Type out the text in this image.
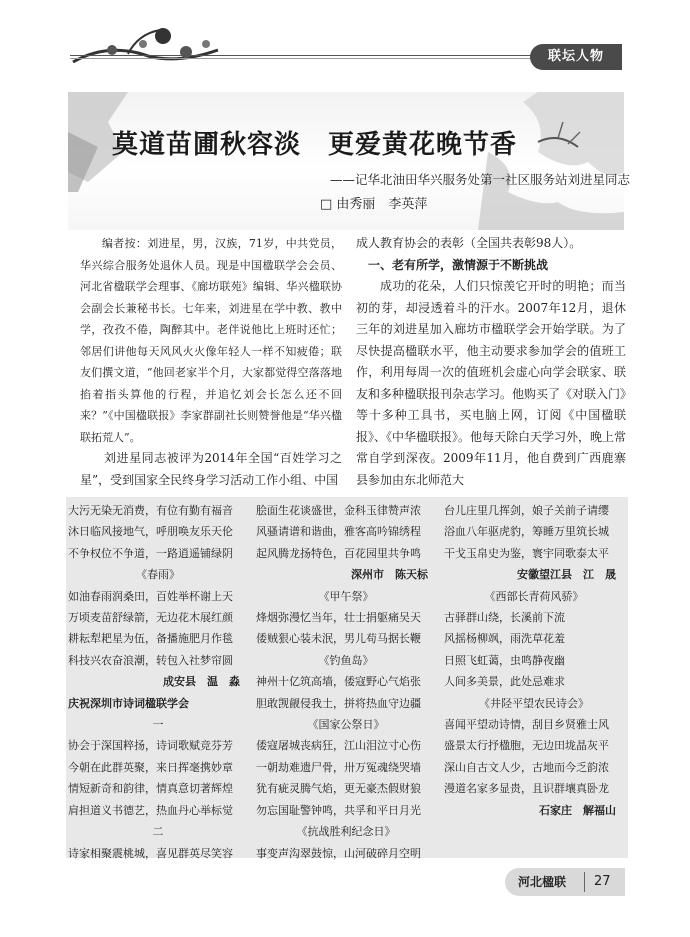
联坛人物
莫道苗圃秋容淡　更爱黄花晚节香
——记华北油田华兴服务处第一社区服务站刘进星同志
□ 由秀丽　李英萍

编者按：刘进星，男，汉族，71岁，中共党员，华兴综合服务处退休人员。现是中国楹联学会会员、河北省楹联学会理事、《廊坊联苑》编辑、华兴楹联协会副会长兼秘书长。七年来，刘进星在学中教、教中学，孜孜不倦，陶醉其中。老伴说他比上班时还忙；邻居们讲他每天风风火火像年轻人一样不知疲倦；联友们撰文道，“他回老家半个月，大家都觉得空落落地掐着指头算他的行程，并追忆刘会长怎么还不回来？”《中国楹联报》李家群副社长则赞誉他是“华兴楹联拓荒人”。

刘进星同志被评为2014年全国“百姓学习之星”，受到国家全民终身学习活动工作小组、中国

成人教育协会的表彰（全国共表彰98人）。

一、老有所学，激情源于不断挑战

成功的花朵，人们只惊羡它开时的明艳；而当初的芽，却浸透着斗的汗水。2007年12月，退休三年的刘进星加入廊坊市楹联学会开始学联。为了尽快提高楹联水平，他主动要求参加学会的值班工作，利用每周一次的值班机会虚心向学会联家、联友和多种楹联报刊杂志学习。他购买了《对联入门》等十多种工具书，买电脑上网，订阅《中国楹联报》、《中华楹联报》。他每天除白天学习外，晚上常常自学到深夜。2009年11月，他自费到广西鹿寨县参加由东北师范大

大污无染无消费，有位有勤有福音
沐日临风接地气，呼朋唤友乐天伦
不争权位不争道，一路逍遥铺绿阴
《春雨》
如油春雨润桑田，百姓举杯谢上天
万顷麦苗舒绿箭，无边花木展红颜
耕耘犁耙星为伍，备播施肥月作毯
科技兴农奋浪潮，转包入社梦帘圆
成安县　温　淼
庆祝深圳市诗词楹联学会
一
协会于深国粹扬，诗词歌赋竞芬芳
今朝在此群英聚，来日挥毫携妙章
情短新奇和韵律，情真意切著辉煌
肩担道义书德艺，热血丹心举标觉
二
诗家相聚震桃城，喜见群英尽笑容
脍面生花谈盛世，金科玉律赞声浓
风骚请谱和谐曲，雅客高吟锦绣程
起风腾龙扬特色，百花园里共争鸣
深州市　陈天标
《甲午祭》
烽烟弥漫忆当年，壮士捐躯痛吴天
倭贼狠心装未泯，男儿苟马据长鞭
《钓鱼岛》
神州十亿筑高墙，倭寇野心气焰张
胆敢觊觎侵我土，拼将热血守边疆
《国家公祭日》
倭寇屠城丧病狂，江山泪泣寸心伤
一朝劫难遗尸骨，卅万冤魂绕哭墙
犹有疵灵腾气焰，更无豪杰假财狼
勿忘国耻警钟鸣，共孚和平日月光
《抗战胜利纪念日》
事变声沟翠鼓惊，山河破碎月空明
台儿庄里几挥剑，娘子关前子请缨
浴血八年驱虎豹，筹睡万里筑长城
干戈玉帛史为鉴，寰宇同歌泰太平
安徽望江县　江　晟
《西部长青荷风骄》
古驿群山绕，长溪前下流
风摇杨柳飒，雨洗草花羞
日照飞虹蔼，虫鸣静夜幽
人间多美景，此处忌难求
《井陉平望农民诗会》
喜闻平望动诗情，刮目乡贤雅士风
盛景太行抒楹胞，无边田垅晶灰平
深山自古文人少，古地而今乏韵浓
漫道名家多显贵，且识群壤真卧龙
石家庄　解福山
河北楹联 27
